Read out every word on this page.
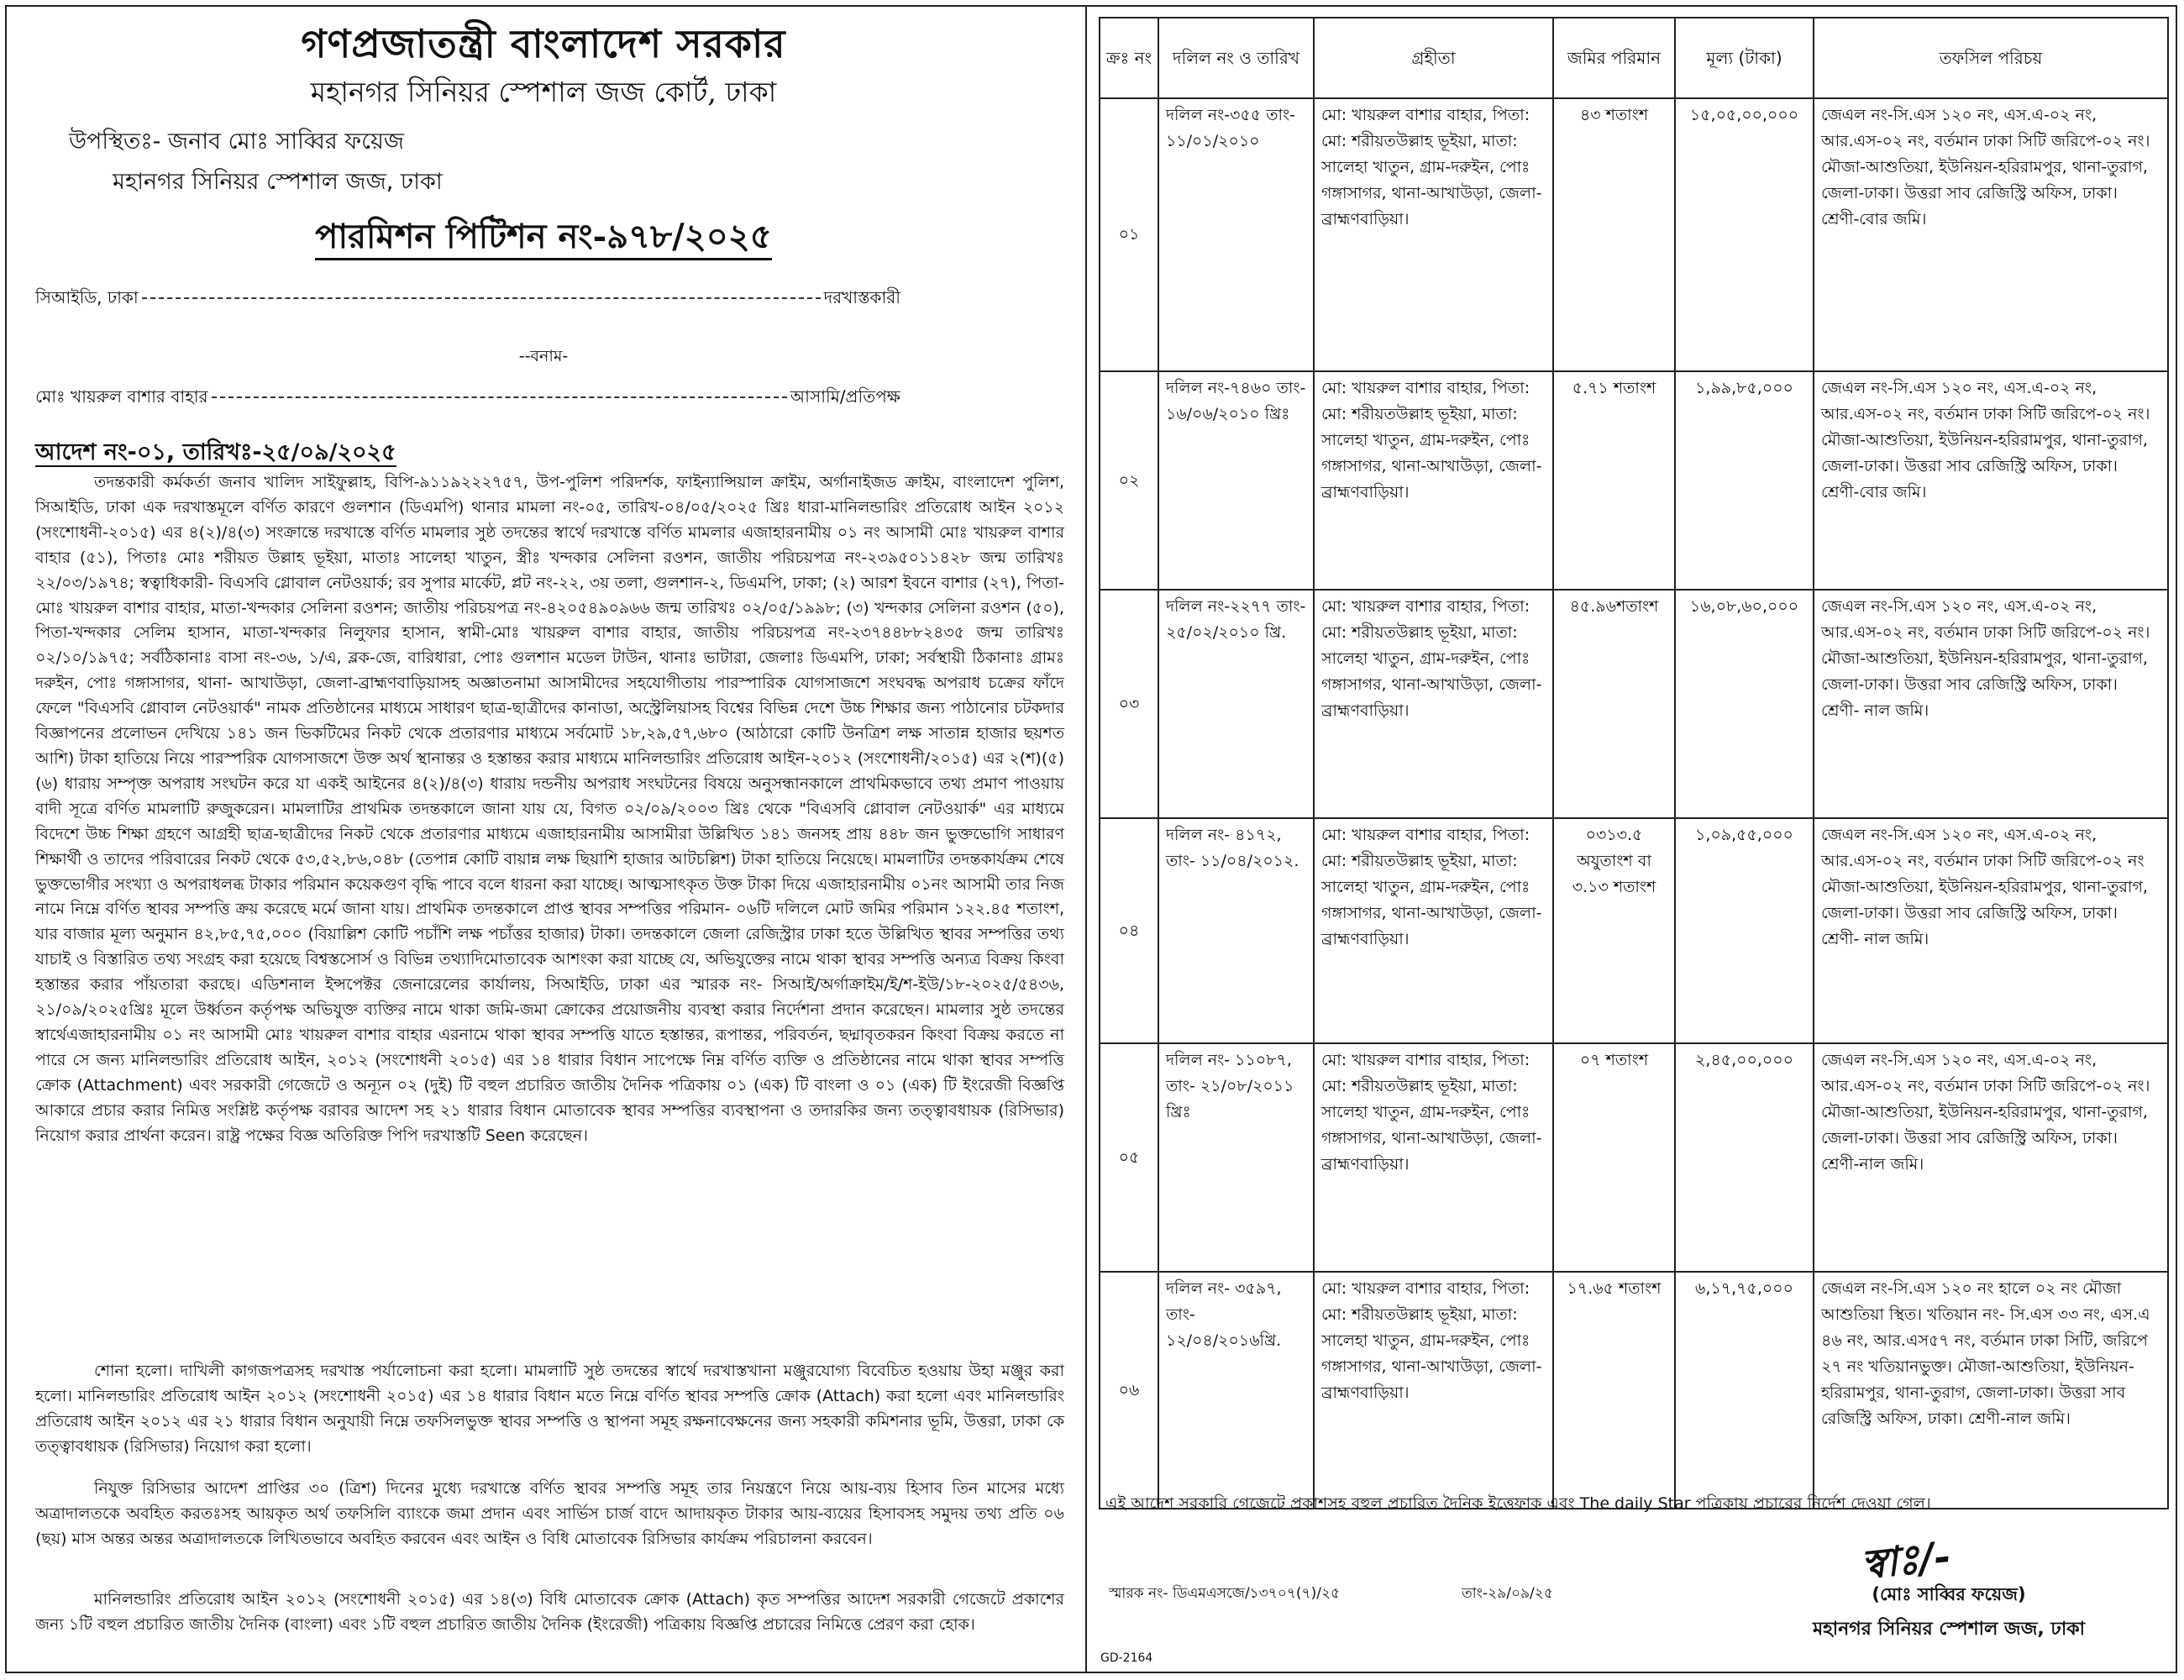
গণপ্রজাতন্ত্রী বাংলাদেশ সরকার
মহানগর সিনিয়র স্পেশাল জজ কোর্ট, ঢাকা
উপস্থিতঃ- জনাব মোঃ সাব্বির ফয়েজ
মহানগর সিনিয়র স্পেশাল জজ, ঢাকা
পারমিশন পিটিশন নং-৯৭৮/২০২৫
সিআইডি, ঢাকা	দরখাস্তকারী
--বনাম-
মোঃ খায়রুল বাশার বাহার	আসামি/প্রতিপক্ষ
আদেশ নং-০১, তারিখঃ-২৫/০৯/২০২৫

তদন্তকারী কর্মকর্তা জনাব খালিদ সাইফুল্লাহ, বিপি-৯১১৯২২২৭৫৭, উপ-পুলিশ পরিদর্শক, ফাইন্যান্সিয়াল ক্রাইম, অর্গানাইজড ক্রাইম, বাংলাদেশ পুলিশ, সিআইডি, ঢাকা এক দরখাস্তমূলে বর্ণিত কারণে গুলশান (ডিএমপি) থানার মামলা নং-০৫, তারিখ-০৪/০৫/২০২৫ খ্রিঃ ধারা-মানিলন্ডারিং প্রতিরোধ আইন ২০১২ (সংশোধনী-২০১৫) এর ৪(২)/৪(৩) সংক্রান্তে দরখাস্তে বর্ণিত মামলার সুষ্ঠ তদন্তের স্বার্থে দরখাস্তে বর্ণিত মামলার এজাহারনামীয় ০১ নং আসামী মোঃ খায়রুল বাশার বাহার (৫১), পিতাঃ মোঃ শরীয়ত উল্লাহ ভূইয়া, মাতাঃ সালেহা খাতুন, স্ত্রীঃ খন্দকার সেলিনা রওশন, জাতীয় পরিচয়পত্র নং-২৩৯৫০১১৪২৮ জন্ম তারিখঃ ২২/০৩/১৯৭৪; স্বত্বাধিকারী- বিএসবি গ্লোবাল নেটওয়ার্ক; রব সুপার মার্কেট, প্লট নং-২২, ৩য় তলা, গুলশান-২, ডিএমপি, ঢাকা; (২) আরশ ইবনে বাশার (২৭), পিতা-মোঃ খায়রুল বাশার বাহার, মাতা-খন্দকার সেলিনা রওশন; জাতীয় পরিচয়পত্র নং-৪২০৫৪৯০৯৬৬ জন্ম তারিখঃ ০২/০৫/১৯৯৮; (৩) খন্দকার সেলিনা রওশন (৫০), পিতা-খন্দকার সেলিম হাসান, মাতা-খন্দকার নিলুফার হাসান, স্বামী-মোঃ খায়রুল বাশার বাহার, জাতীয় পরিচয়পত্র নং-২৩৭৪৪৮৮২৪৩৫ জন্ম তারিখঃ ০২/১০/১৯৭৫; সর্বঠিকানাঃ বাসা নং-৩৬, ১/এ, ব্লক-জে, বারিধারা, পোঃ গুলশান মডেল টাউন, থানাঃ ভাটারা, জেলাঃ ডিএমপি, ঢাকা; সর্বস্থায়ী ঠিকানাঃ গ্রামঃ দরুইন, পোঃ গঙ্গাসাগর, থানা- আখাউড়া, জেলা-ব্রাহ্মণবাড়িয়াসহ অজ্ঞাতনামা আসামীদের সহযোগীতায় পারস্পারিক যোগসাজশে সংঘবদ্ধ অপরাধ চক্রের ফাঁদে ফেলে "বিএসবি গ্লোবাল নেটওয়ার্ক" নামক প্রতিষ্ঠানের মাধ্যমে সাধারণ ছাত্র-ছাত্রীদের কানাডা, অস্ট্রেলিয়াসহ বিশ্বের বিভিন্ন দেশে উচ্চ শিক্ষার জন্য পাঠানোর চটকদার বিজ্ঞাপনের প্রলোভন দেখিয়ে ১৪১ জন ভিকটিমের নিকট থেকে প্রতারণার মাধ্যমে সর্বমোট ১৮,২৯,৫৭,৬৮০ (আঠারো কোটি উনত্রিশ লক্ষ সাতান্ন হাজার ছয়শত আশি) টাকা হাতিয়ে নিয়ে পারস্পরিক যোগসাজশে উক্ত অর্থ স্থানান্তর ও হস্তান্তর করার মাধ্যমে মানিলন্ডারিং প্রতিরোধ আইন-২০১২ (সংশোধনী/২০১৫) এর ২(শ)(৫)(৬) ধারায় সম্পৃক্ত অপরাধ সংঘটন করে যা একই আইনের ৪(২)/৪(৩) ধারায় দন্ডনীয় অপরাধ সংঘটনের বিষয়ে অনুসন্ধানকালে প্রাথমিকভাবে তথ্য প্রমাণ পাওয়ায় বাদী সূত্রে বর্ণিত মামলাটি রুজুকরেন। মামলাটির প্রাথমিক তদন্তকালে জানা যায় যে, বিগত ০২/০৯/২০০৩ খ্রিঃ থেকে "বিএসবি গ্লোবাল নেটওয়ার্ক" এর মাধ্যমে বিদেশে উচ্চ শিক্ষা গ্রহণে আগ্রহী ছাত্র-ছাত্রীদের নিকট থেকে প্রতারণার মাধ্যমে এজাহারনামীয় আসামীরা উল্লিখিত ১৪১ জনসহ প্রায় ৪৪৮ জন ভুক্তভোগি সাধারণ শিক্ষার্থী ও তাদের পরিবারের নিকট থেকে ৫৩,৫২,৮৬,০৪৮ (তেপান্ন কোটি বায়ান্ন লক্ষ ছিয়াশি হাজার আটচল্লিশ) টাকা হাতিয়ে নিয়েছে। মামলাটির তদন্তকার্যক্রম শেষে ভুক্তভোগীর সংখ্যা ও অপরাধলব্ধ টাকার পরিমান কয়েকগুণ বৃদ্ধি পাবে বলে ধারনা করা যাচ্ছে। আত্মসাৎকৃত উক্ত টাকা দিয়ে এজাহারনামীয় ০১নং আসামী তার নিজ নামে নিম্নে বর্ণিত স্থাবর সম্পত্তি ক্রয় করেছে মর্মে জানা যায়। প্রাথমিক তদন্তকালে প্রাপ্ত স্থাবর সম্পত্তির পরিমান- ০৬টি দলিলে মোট জমির পরিমান ১২২.৪৫ শতাংশ, যার বাজার মূল্য অনুমান ৪২,৮৫,৭৫,০০০ (বিয়াল্লিশ কোটি পচাঁশি লক্ষ পচাঁত্তর হাজার) টাকা। তদন্তকালে জেলা রেজিস্ট্রার ঢাকা হতে উল্লিখিত স্থাবর সম্পত্তির তথ্য যাচাই ও বিস্তারিত তথ্য সংগ্রহ করা হয়েছে বিশ্বস্তসোর্স ও বিভিন্ন তথ্যাদিমোতাবেক আশংকা করা যাচ্ছে যে, অভিযুক্তের নামে থাকা স্থাবর সম্পত্তি অন্যত্র বিক্রয় কিংবা হস্তান্তর করার পাঁয়তারা করছে। এডিশনাল ইন্সপেক্টর জেনারেলের কার্যালয়, সিআইডি, ঢাকা এর স্মারক নং- সিআই/অর্গাক্রাইম/ই/শ-ইউ/১৮-২০২৫/৫৪৩৬, ২১/০৯/২০২৫খ্রিঃ মূলে উর্ধ্বতন কর্তৃপক্ষ অভিযুক্ত ব্যক্তির নামে থাকা জমি-জমা ক্রোকের প্রয়োজনীয় ব্যবস্থা করার নির্দেশনা প্রদান করেছেন। মামলার সুষ্ঠ তদন্তের স্বার্থেএজাহারনামীয় ০১ নং আসামী মোঃ খায়রুল বাশার বাহার এরনামে থাকা স্থাবর সম্পত্তি যাতে হস্তান্তর, রূপান্তর, পরিবর্তন, ছদ্মাবৃতকরন কিংবা বিক্রয় করতে না পারে সে জন্য মানিলন্ডারিং প্রতিরোধ আইন, ২০১২ (সংশোধনী ২০১৫) এর ১৪ ধারার বিধান সাপেক্ষে নিম্ন বর্ণিত ব্যক্তি ও প্রতিষ্ঠানের নামে থাকা স্থাবর সম্পত্তি ক্রোক (Attachment) এবং সরকারী গেজেটে ও অন্যূন ০২ (দুই) টি বহুল প্রচারিত জাতীয় দৈনিক পত্রিকায় ০১ (এক) টি বাংলা ও ০১ (এক) টি ইংরেজী বিজ্ঞপ্তি আকারে প্রচার করার নিমিত্ত সংশ্লিষ্ট কর্তৃপক্ষ বরাবর আদেশ সহ ২১ ধারার বিধান মোতাবেক স্থাবর সম্পত্তির ব্যবস্থাপনা ও তদারকির জন্য তত্ত্বাবধায়ক (রিসিভার) নিয়োগ করার প্রার্থনা করেন। রাষ্ট্র পক্ষের বিজ্ঞ অতিরিক্ত পিপি দরখাস্তটি Seen করেছেন।

শোনা হলো। দাখিলী কাগজপত্রসহ দরখাস্ত পর্যালোচনা করা হলো। মামলাটি সুষ্ঠ তদন্তের স্বার্থে দরখাস্তখানা মঞ্জুরযোগ্য বিবেচিত হওয়ায় উহা মঞ্জুর করা হলো। মানিলন্ডারিং প্রতিরোধ আইন ২০১২ (সংশোধনী ২০১৫) এর ১৪ ধারার বিধান মতে নিম্নে বর্ণিত স্থাবর সম্পত্তি ক্রোক (Attach) করা হলো এবং মানিলন্ডারিং প্রতিরোধ আইন ২০১২ এর ২১ ধারার বিধান অনুযায়ী নিম্নে তফসিলভুক্ত স্থাবর সম্পত্তি ও স্থাপনা সমূহ রক্ষনাবেক্ষনের জন্য সহকারী কমিশনার ভূমি, উত্তরা, ঢাকা কে তত্ত্বাবধায়ক (রিসিভার) নিয়োগ করা হলো।

নিযুক্ত রিসিভার আদেশ প্রাপ্তির ৩০ (ত্রিশ) দিনের মুধ্যে দরখাস্তে বর্ণিত স্থাবর সম্পত্তি সমূহ তার নিয়ন্ত্রণে নিয়ে আয়-ব্যয় হিসাব তিন মাসের মধ্যে অত্রাদালতকে অবহিত করতঃসহ আয়কৃত অর্থ তফসিলি ব্যাংকে জমা প্রদান এবং সার্ভিস চার্জ বাদে আদায়কৃত টাকার আয়-ব্যয়ের হিসাবসহ সমুদয় তথ্য প্রতি ০৬ (ছয়) মাস অন্তর অন্তর অত্রাদালতকে লিখিতভাবে অবহিত করবেন এবং আইন ও বিধি মোতাবেক রিসিভার কার্যক্রম পরিচালনা করবেন।

মানিলন্ডারিং প্রতিরোধ আইন ২০১২ (সংশোধনী ২০১৫) এর ১৪(৩) বিধি মোতাবেক ক্রোক (Attach) কৃত সম্পত্তির আদেশ সরকারী গেজেটে প্রকাশের জন্য ১টি বহুল প্রচারিত জাতীয় দৈনিক (বাংলা) এবং ১টি বহুল প্রচারিত জাতীয় দৈনিক (ইংরেজী) পত্রিকায় বিজ্ঞপ্তি প্রচারের নিমিত্তে প্রেরণ করা হোক।

ক্রঃ নং	দলিল নং ও তারিখ	গ্রহীতা	জমির পরিমান	মূল্য (টাকা)	তফসিল পরিচয়
০১	দলিল নং-৩৫৫ তাং- ১১/০১/২০১০	মো: খায়রুল বাশার বাহার, পিতা: মো: শরীয়তউল্লাহ ভূইয়া, মাতা: সালেহা খাতুন, গ্রাম-দরুইন, পোঃ গঙ্গাসাগর, থানা-আখাউড়া, জেলা- ব্রাহ্মণবাড়িয়া।	৪৩ শতাংশ	১৫,০৫,০০,০০০	জেএল নং-সি.এস ১২০ নং, এস.এ-০২ নং, আর.এস-০২ নং, বর্তমান ঢাকা সিটি জরিপে-০২ নং। মৌজা-আশুতিয়া, ইউনিয়ন-হরিরামপুর, থানা-তুরাগ, জেলা-ঢাকা। উত্তরা সাব রেজিস্ট্রি অফিস, ঢাকা। শ্রেণী-বোর জমি।
০২	দলিল নং-৭৪৬০ তাং- ১৬/০৬/২০১০ খ্রিঃ	মো: খায়রুল বাশার বাহার, পিতা: মো: শরীয়তউল্লাহ ভূইয়া, মাতা: সালেহা খাতুন, গ্রাম-দরুইন, পোঃ গঙ্গাসাগর, থানা-আখাউড়া, জেলা- ব্রাহ্মণবাড়িয়া।	৫.৭১ শতাংশ	১,৯৯,৮৫,০০০	জেএল নং-সি.এস ১২০ নং, এস.এ-০২ নং, আর.এস-০২ নং, বর্তমান ঢাকা সিটি জরিপে-০২ নং। মৌজা-আশুতিয়া, ইউনিয়ন-হরিরামপুর, থানা-তুরাগ, জেলা-ঢাকা। উত্তরা সাব রেজিস্ট্রি অফিস, ঢাকা। শ্রেণী-বোর জমি।
০৩	দলিল নং-২২৭৭ তাং- ২৫/০২/২০১০ খ্রি.	মো: খায়রুল বাশার বাহার, পিতা: মো: শরীয়তউল্লাহ ভূইয়া, মাতা: সালেহা খাতুন, গ্রাম-দরুইন, পোঃ গঙ্গাসাগর, থানা-আখাউড়া, জেলা- ব্রাহ্মণবাড়িয়া।	৪৫.৯৬শতাংশ	১৬,০৮,৬০,০০০	জেএল নং-সি.এস ১২০ নং, এস.এ-০২ নং, আর.এস-০২ নং, বর্তমান ঢাকা সিটি জরিপে-০২ নং। মৌজা-আশুতিয়া, ইউনিয়ন-হরিরামপুর, থানা-তুরাগ, জেলা-ঢাকা। উত্তরা সাব রেজিস্ট্রি অফিস, ঢাকা। শ্রেণী- নাল জমি।
০৪	দলিল নং- ৪১৭২, তাং- ১১/০৪/২০১২.	মো: খায়রুল বাশার বাহার, পিতা: মো: শরীয়তউল্লাহ ভূইয়া, মাতা: সালেহা খাতুন, গ্রাম-দরুইন, পোঃ গঙ্গাসাগর, থানা-আখাউড়া, জেলা- ব্রাহ্মণবাড়িয়া।	০৩১৩.৫ অযুতাংশ বা ৩.১৩ শতাংশ	১,০৯,৫৫,০০০	জেএল নং-সি.এস ১২০ নং, এস.এ-০২ নং, আর.এস-০২ নং, বর্তমান ঢাকা সিটি জরিপে-০২ নং মৌজা-আশুতিয়া, ইউনিয়ন-হরিরামপুর, থানা-তুরাগ, জেলা-ঢাকা। উত্তরা সাব রেজিস্ট্রি অফিস, ঢাকা। শ্রেণী- নাল জমি।
০৫	দলিল নং- ১১০৮৭, তাং- ২১/০৮/২০১১ খ্রিঃ	মো: খায়রুল বাশার বাহার, পিতা: মো: শরীয়তউল্লাহ ভূইয়া, মাতা: সালেহা খাতুন, গ্রাম-দরুইন, পোঃ গঙ্গাসাগর, থানা-আখাউড়া, জেলা- ব্রাহ্মণবাড়িয়া।	০৭ শতাংশ	২,৪৫,০০,০০০	জেএল নং-সি.এস ১২০ নং, এস.এ-০২ নং, আর.এস-০২ নং, বর্তমান ঢাকা সিটি জরিপে-০২ নং। মৌজা-আশুতিয়া, ইউনিয়ন-হরিরামপুর, থানা-তুরাগ, জেলা-ঢাকা। উত্তরা সাব রেজিস্ট্রি অফিস, ঢাকা। শ্রেণী-নাল জমি।
০৬	দলিল নং- ৩৫৯৭, তাং- ১২/০৪/২০১৬খ্রি.	মো: খায়রুল বাশার বাহার, পিতা: মো: শরীয়তউল্লাহ ভূইয়া, মাতা: সালেহা খাতুন, গ্রাম-দরুইন, পোঃ গঙ্গাসাগর, থানা-আখাউড়া, জেলা- ব্রাহ্মণবাড়িয়া।	১৭.৬৫ শতাংশ	৬,১৭,৭৫,০০০	জেএল নং-সি.এস ১২০ নং হালে ০২ নং মৌজা আশুতিয়া স্থিত। খতিয়ান নং- সি.এস ৩৩ নং, এস.এ ৪৬ নং, আর.এস৫৭ নং, বর্তমান ঢাকা সিটি, জরিপে ২৭ নং খতিয়ানভুক্ত। মৌজা-আশুতিয়া, ইউনিয়ন-হরিরামপুর, থানা-তুরাগ, জেলা-ঢাকা। উত্তরা সাব রেজিস্ট্রি অফিস, ঢাকা। শ্রেণী-নাল জমি।
এই আদেশ সরকারি গেজেটে প্রকাশসহ বহুল প্রচারিত দৈনিক ইত্তেফাক এবং The daily Star পত্রিকায় প্রচারের নির্দেশ দেওয়া গেল।
স্বাঃ/-
(মোঃ সাব্বির ফয়েজ)
স্মারক নং- ডিএমএসজে/১৩৭০৭(৭)/২৫	তাং-২৯/০৯/২৫
মহানগর সিনিয়র স্পেশাল জজ, ঢাকা
GD-2164
